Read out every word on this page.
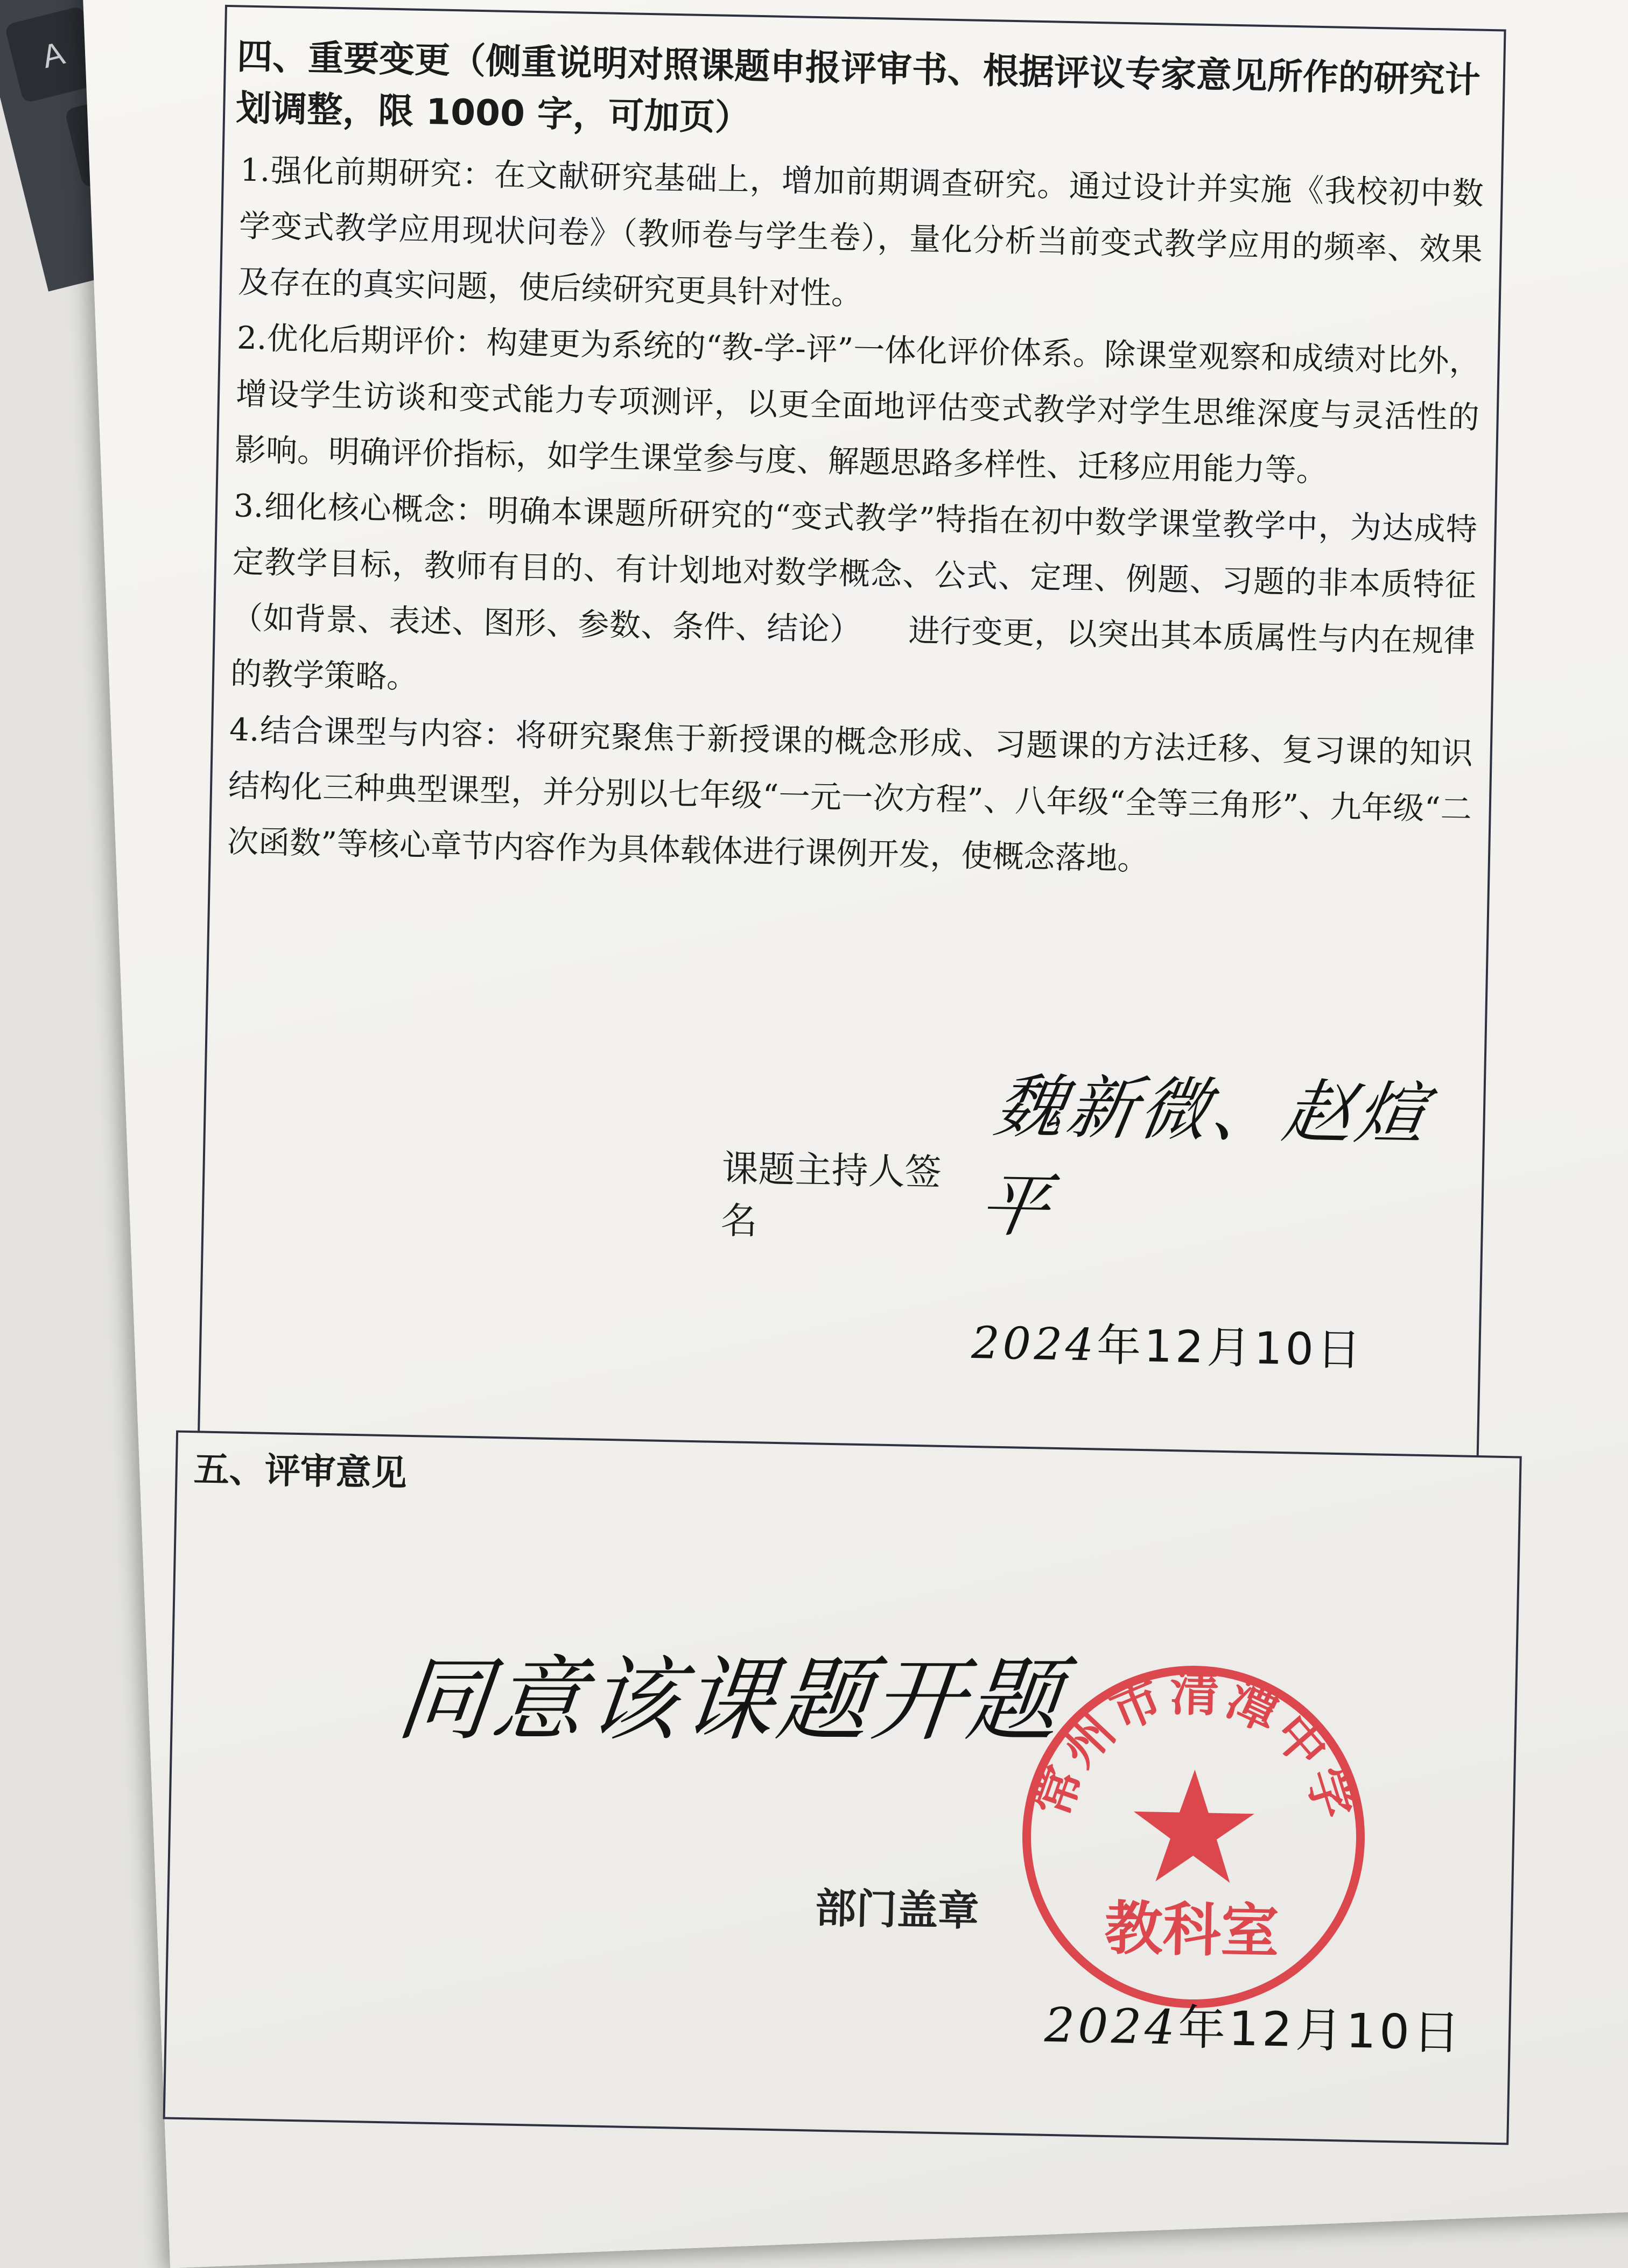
A	四、重要变更（侧重说明对照课题申报评审书、根据评议专家意见所作的研究计划调整，限 1000 字，可加页）

1.强化前期研究：在文献研究基础上，增加前期调查研究。通过设计并实施《我校初中数学变式教学应用现状问卷》（教师卷与学生卷），量化分析当前变式教学应用的频率、效果及存在的真实问题，使后续研究更具针对性。

2.优化后期评价：构建更为系统的“教-学-评”一体化评价体系。除课堂观察和成绩对比外，增设学生访谈和变式能力专项测评，以更全面地评估变式教学对学生思维深度与灵活性的影响。明确评价指标，如学生课堂参与度、解题思路多样性、迁移应用能力等。

3.细化核心概念：明确本课题所研究的“变式教学”特指在初中数学课堂教学中，为达成特定教学目标，教师有目的、有计划地对数学概念、公式、定理、例题、习题的非本质特征（如背景、表述、图形、参数、条件、结论）　　进行变更，以突出其本质属性与内在规律的教学策略。

4.结合课型与内容：将研究聚焦于新授课的概念形成、习题课的方法迁移、复习课的知识结构化三种典型课型，并分别以七年级“一元一次方程”、八年级“全等三角形”、九年级“二次函数”等核心章节内容作为具体载体进行课例开发，使概念落地。

课题主持人签名
魏新微、赵煊平
2024年12月10日

五、评审意见

同意该课题开题
常州市清潭中学
教科室
部门盖章
2024年12月10日
